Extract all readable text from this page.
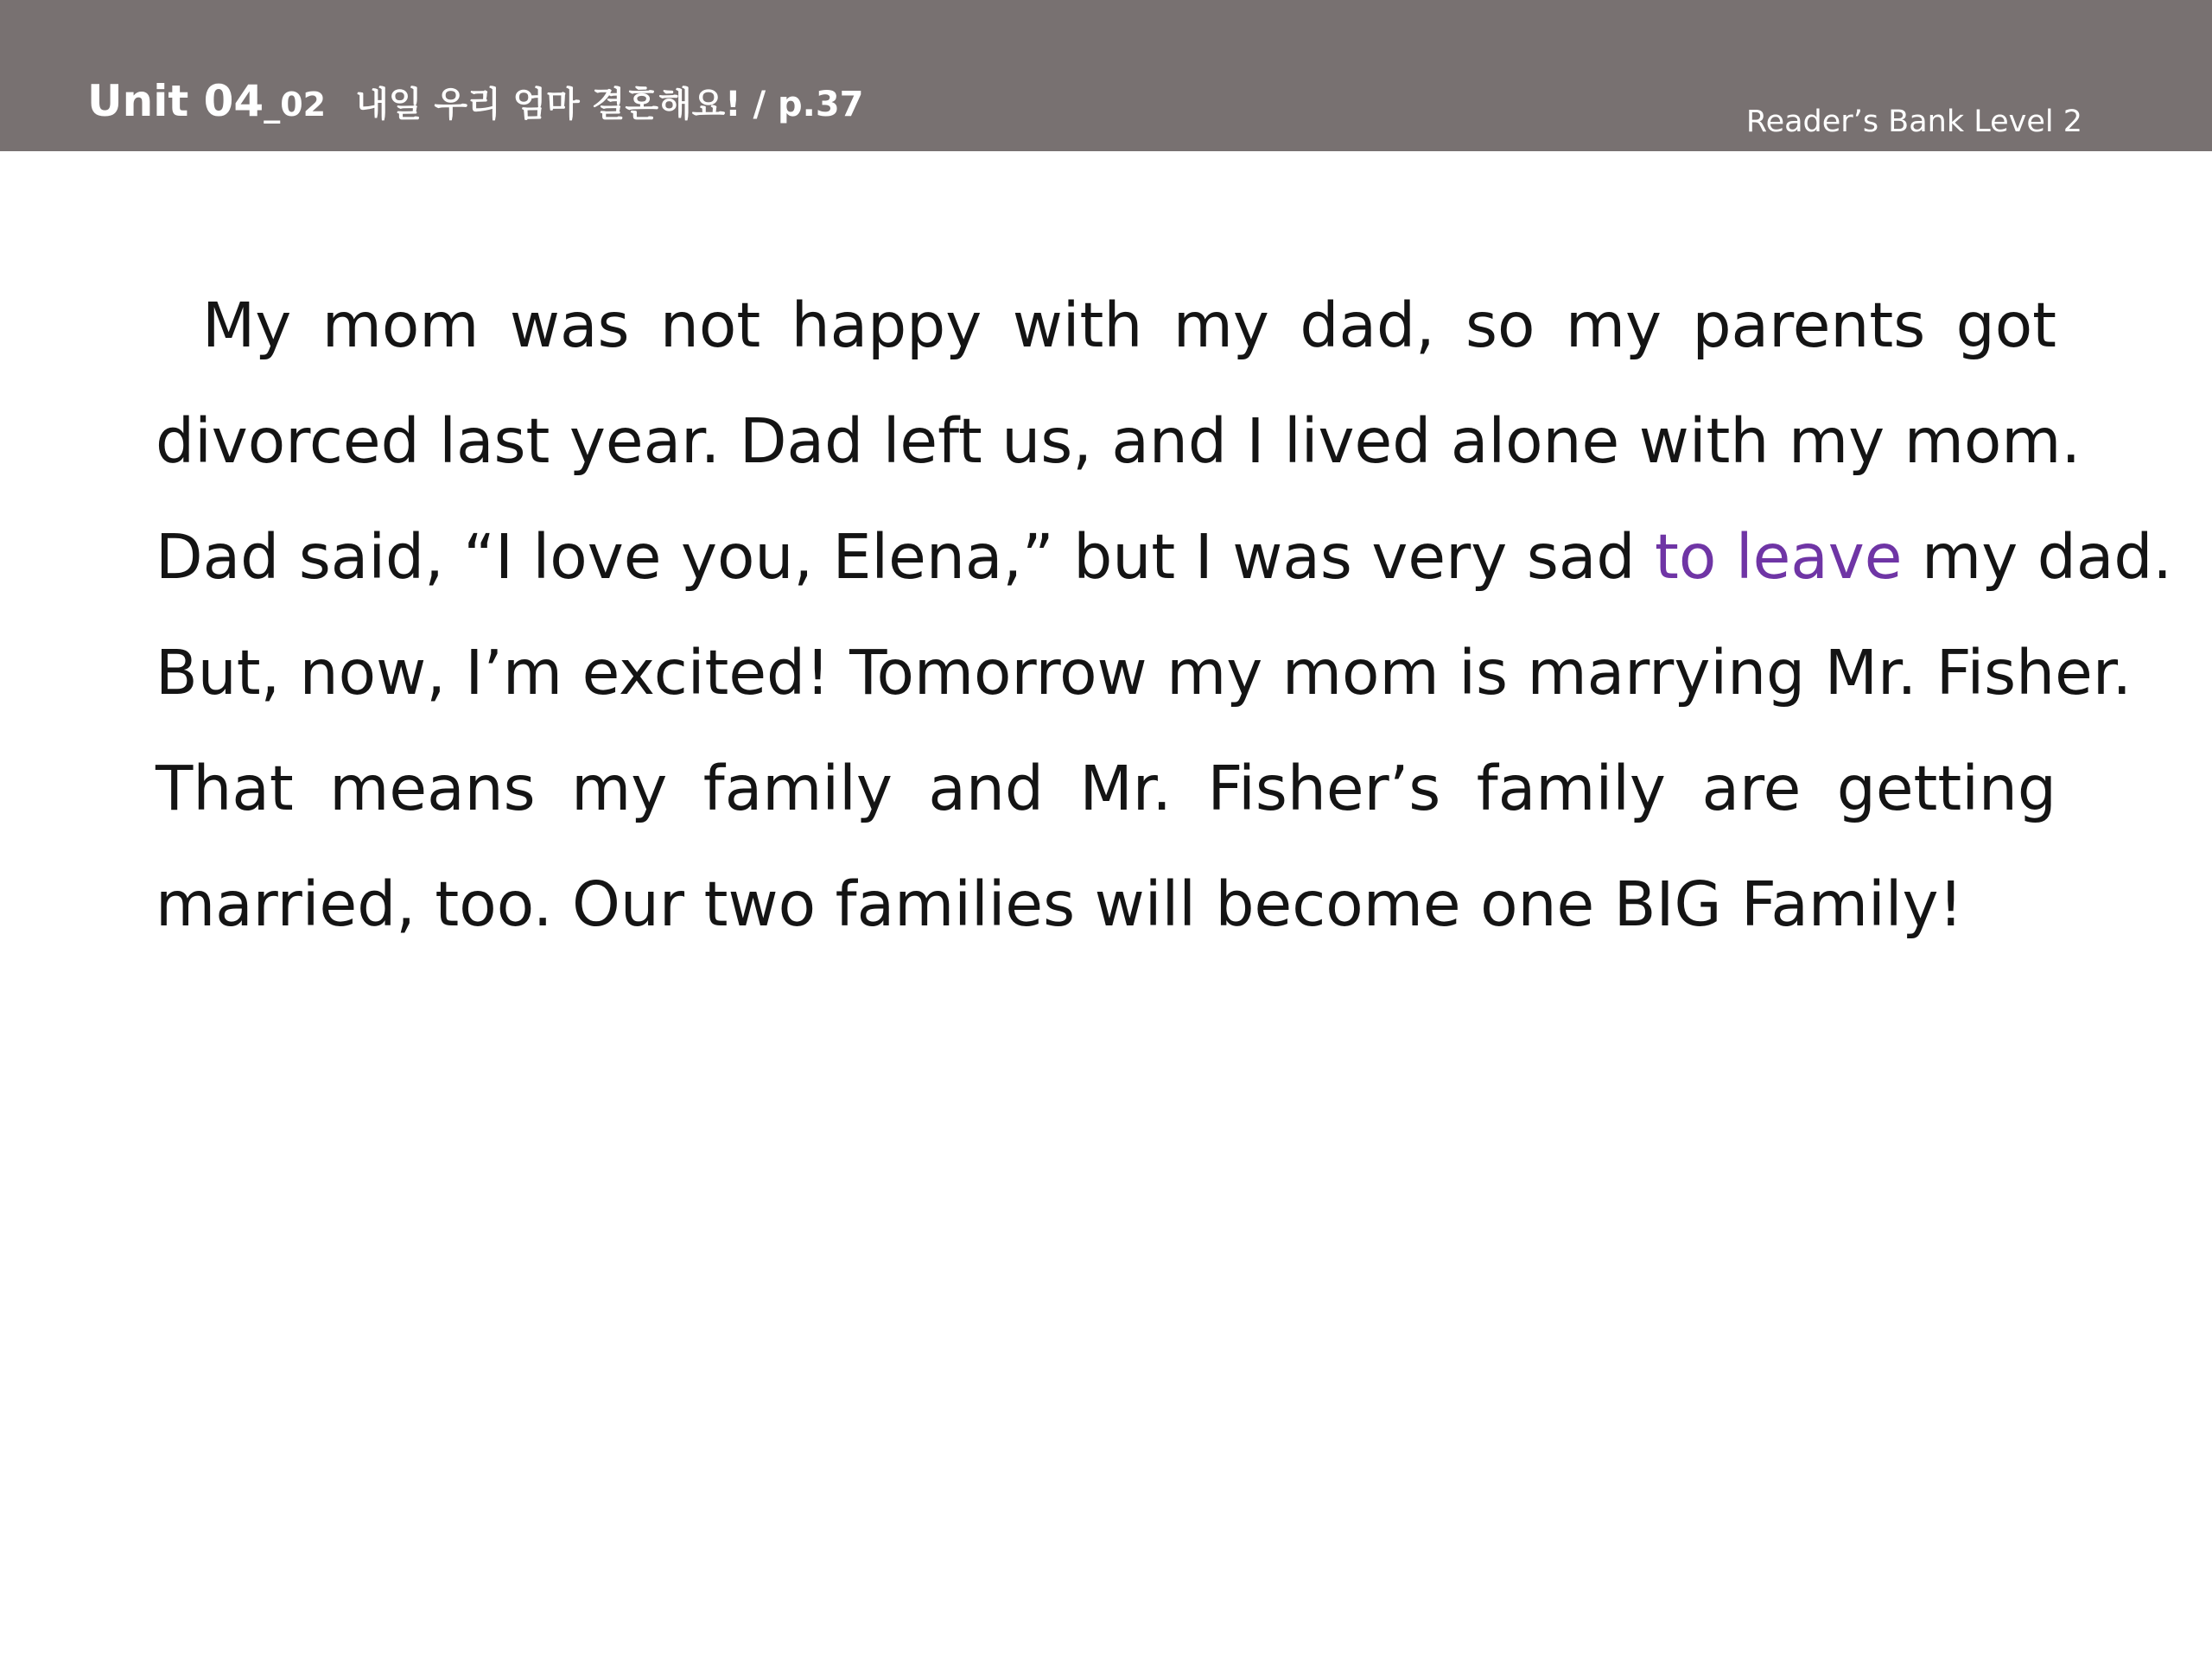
Unit 04_02 내일 우리 엄마 결혼해요! / p.37	Reader’s Bank Level 2
My mom was not happy with my dad, so my parents got
divorced last year. Dad left us, and I lived alone with my mom.
Dad said, “I love you, Elena,” but I was very sad to leave my dad.
But, now, I’m excited! Tomorrow my mom is marrying Mr. Fisher.
That means my family and Mr. Fisher’s family are getting
married, too. Our two families will become one BIG Family!
